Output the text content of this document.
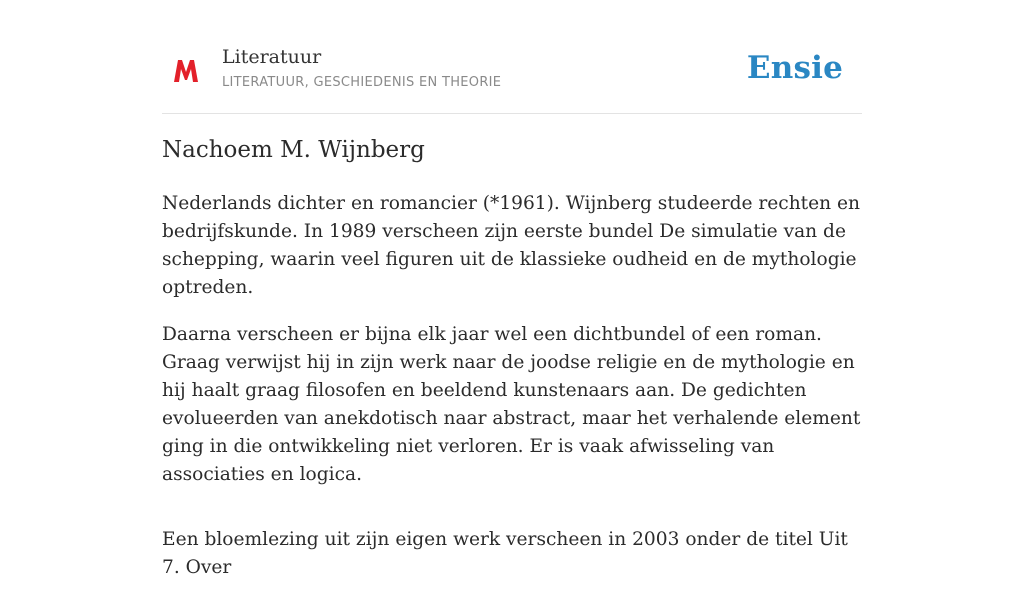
Literatuur
LITERATUUR, GESCHIEDENIS EN THEORIE	Ensie
Nachoem M. Wijnberg

Nederlands dichter en romancier (*1961). Wijnberg studeerde rechten en bedrijfskunde. In 1989 verscheen zijn eerste bundel De simulatie van de schepping, waarin veel figuren uit de klassieke oudheid en de mythologie optreden.

Daarna verscheen er bijna elk jaar wel een dichtbundel of een roman. Graag verwijst hij in zijn werk naar de joodse religie en de mythologie en hij haalt graag filosofen en beeldend kunstenaars aan. De gedichten evolueerden van anekdotisch naar abstract, maar het verhalende element ging in die ontwikkeling niet verloren. Er is vaak afwisseling van associaties en logica.

Een bloemlezing uit zijn eigen werk verscheen in 2003 onder de titel Uit 7. Over
